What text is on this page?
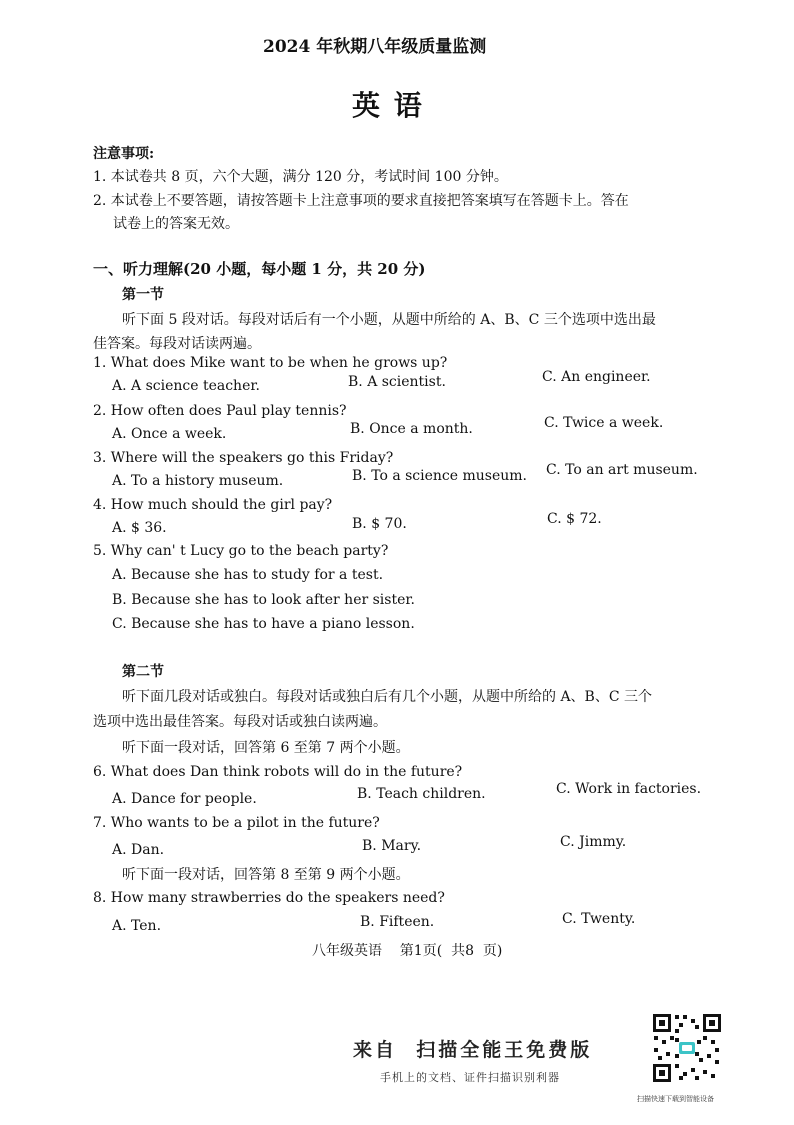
2024 年秋期八年级质量监测
英 语
注意事项:
1. 本试卷共 8 页，六个大题，满分 120 分，考试时间 100 分钟。
2. 本试卷上不要答题，请按答题卡上注意事项的要求直接把答案填写在答题卡上。答在
试卷上的答案无效。
一、听力理解(20 小题，每小题 1 分，共 20 分)
第一节
听下面 5 段对话。每段对话后有一个小题，从题中所给的 A、B、C 三个选项中选出最
佳答案。每段对话读两遍。
1. What does Mike want to be when he grows up?
A. A science teacher.	B. A scientist.	C. An engineer.
2. How often does Paul play tennis?
A. Once a week.	B. Once a month.	C. Twice a week.
3. Where will the speakers go this Friday?
A. To a history museum.	B. To a science museum. C. To an art museum.
4. How much should the girl pay?
A. $ 36.	B. $ 70.	C. $ 72.
5. Why can' t Lucy go to the beach party?
A. Because she has to study for a test.
B. Because she has to look after her sister.
C. Because she has to have a piano lesson.
第二节
听下面几段对话或独白。每段对话或独白后有几个小题，从题中所给的 A、B、C 三个
选项中选出最佳答案。每段对话或独白读两遍。
听下面一段对话，回答第 6 至第 7 两个小题。
6. What does Dan think robots will do in the future?
A. Dance for people.	B. Teach children.	C. Work in factories.
7. Who wants to be a pilot in the future?
A. Dan.	B. Mary.	C. Jimmy.
听下面一段对话，回答第 8 至第 9 两个小题。
8. How many strawberries do the speakers need?
A. Ten.	B. Fifteen.	C. Twenty.
八年级英语    第1页(  共8  页)
来自  扫描全能王免费版
手机上的文档、证件扫描识别利器
扫描快速下载到智能设备
